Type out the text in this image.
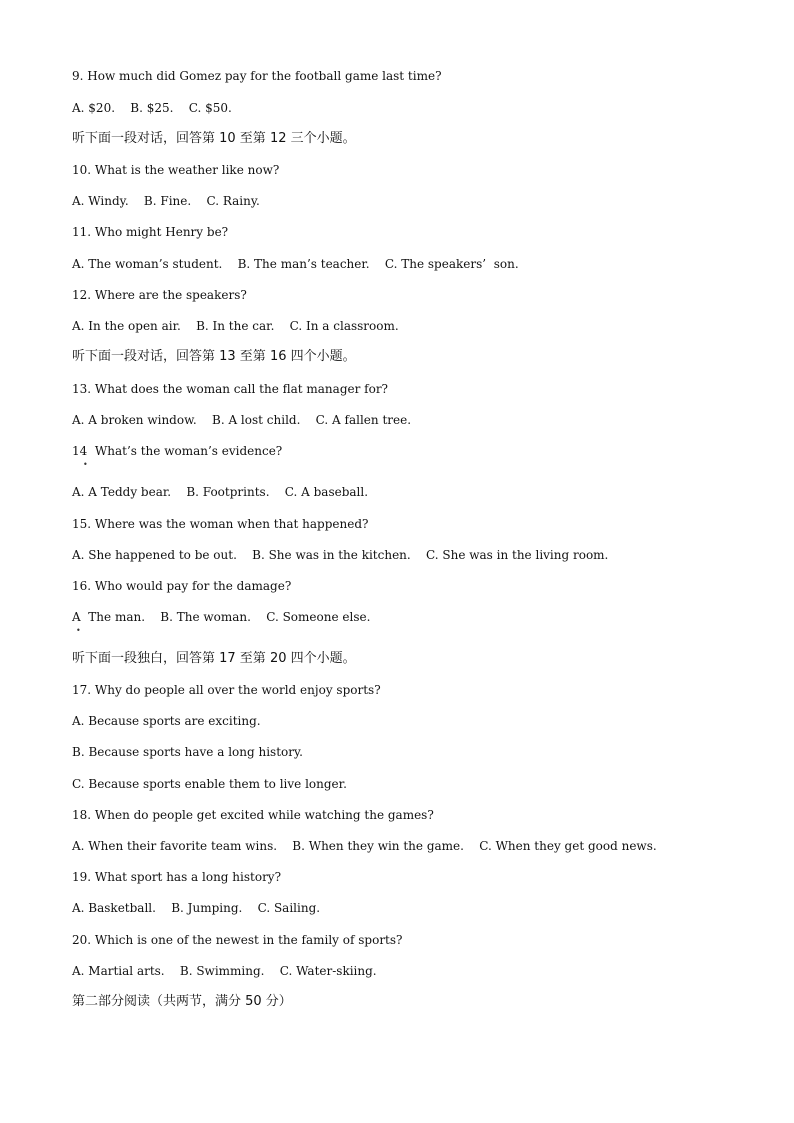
9. How much did Gomez pay for the football game last time?
A. $20.    B. $25.    C. $50.
听下面一段对话，回答第 10 至第 12 三个小题。
10. What is the weather like now?
A. Windy.    B. Fine.    C. Rainy.
11. Who might Henry be?
A. The woman’s student.    B. The man’s teacher.    C. The speakers’  son.
12. Where are the speakers?
A. In the open air.    B. In the car.    C. In a classroom.
听下面一段对话，回答第 13 至第 16 四个小题。
13. What does the woman call the flat manager for?
A. A broken window.    B. A lost child.    C. A fallen tree.
14  What’s the woman’s evidence?
•
A. A Teddy bear.    B. Footprints.    C. A baseball.
15. Where was the woman when that happened?
A. She happened to be out.    B. She was in the kitchen.    C. She was in the living room.
16. Who would pay for the damage?
A  The man.    B. The woman.    C. Someone else.
•
听下面一段独白，回答第 17 至第 20 四个小题。
17. Why do people all over the world enjoy sports?
A. Because sports are exciting.
B. Because sports have a long history.
C. Because sports enable them to live longer.
18. When do people get excited while watching the games?
A. When their favorite team wins.    B. When they win the game.    C. When they get good news.
19. What sport has a long history?
A. Basketball.    B. Jumping.    C. Sailing.
20. Which is one of the newest in the family of sports?
A. Martial arts.    B. Swimming.    C. Water-skiing.
第二部分阅读（共两节，满分 50 分）
